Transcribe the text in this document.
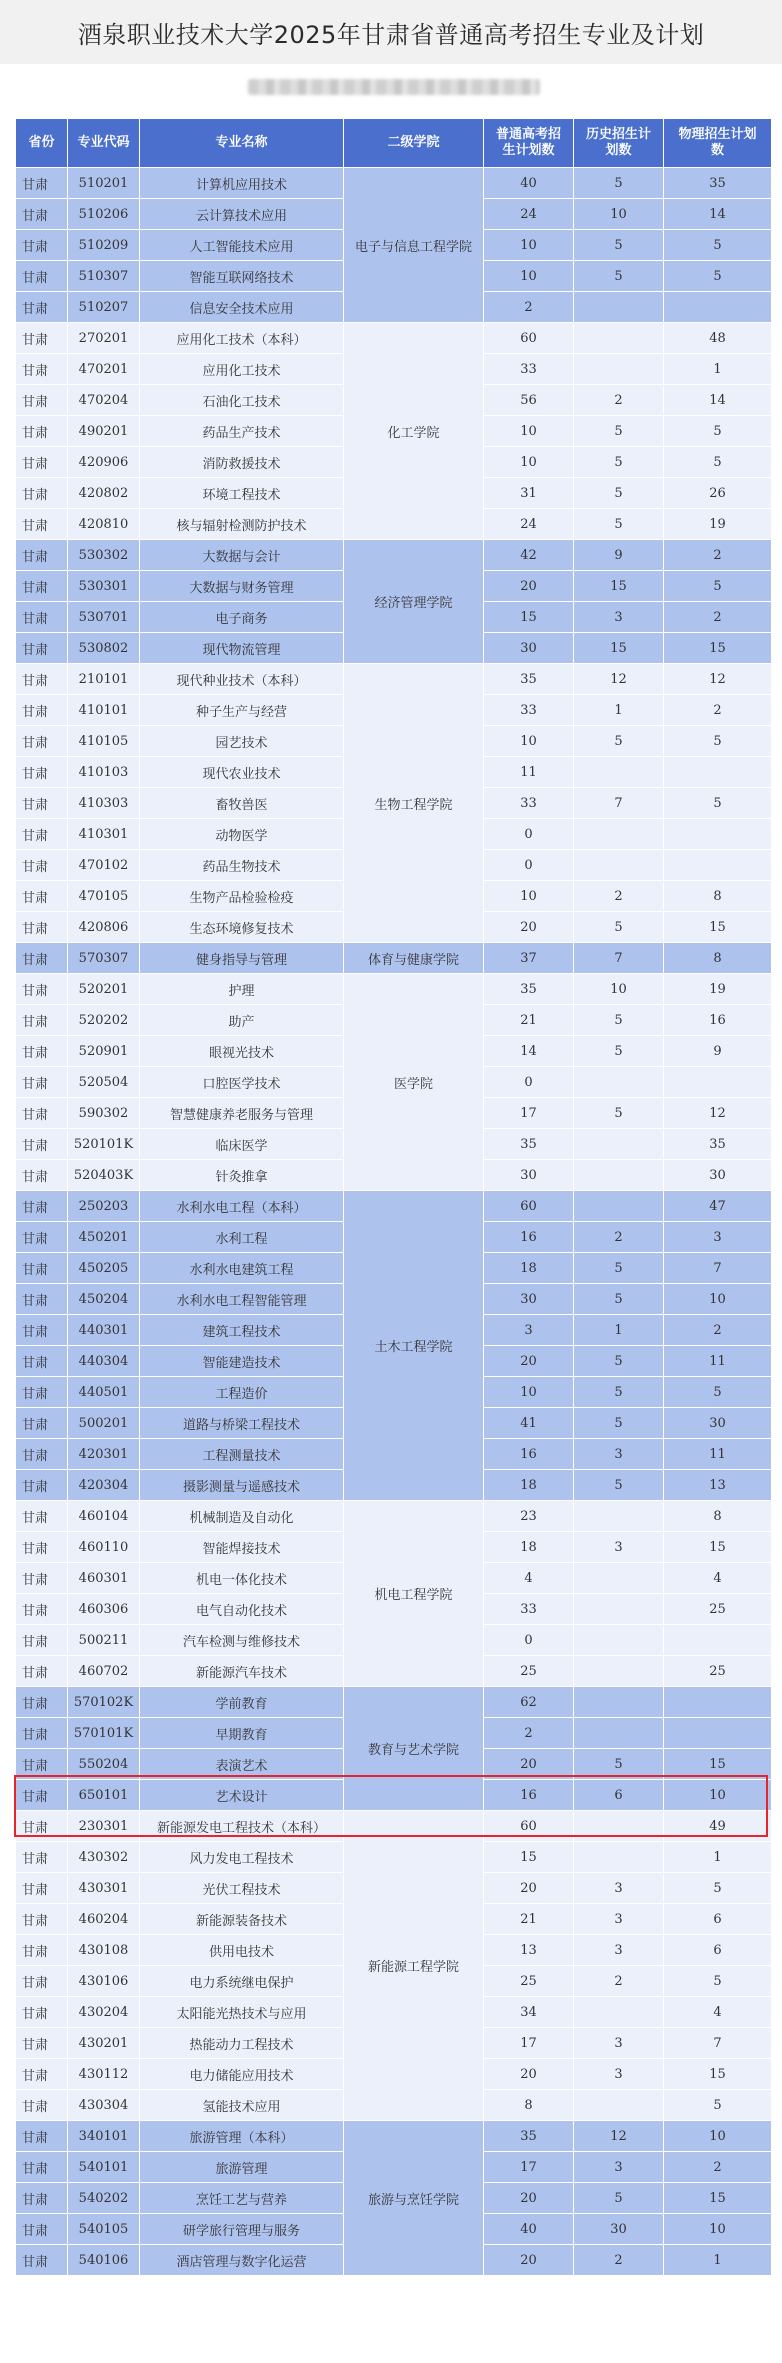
酒泉职业技术大学2025年甘肃省普通高考招生专业及计划
省份	专业代码	专业名称	二级学院	普通高考招生计划数	历史招生计划数	物理招生计划数
甘肃	510201	计算机应用技术	电子与信息工程学院	40	5	35
甘肃	510206	云计算技术应用		24	10	14
甘肃	510209	人工智能技术应用		10	5	5
甘肃	510307	智能互联网络技术		10	5	5
甘肃	510207	信息安全技术应用		2		
甘肃	270201	应用化工技术（本科）	化工学院	60		48
甘肃	470201	应用化工技术		33		1
甘肃	470204	石油化工技术		56	2	14
甘肃	490201	药品生产技术		10	5	5
甘肃	420906	消防救援技术		10	5	5
甘肃	420802	环境工程技术		31	5	26
甘肃	420810	核与辐射检测防护技术		24	5	19
甘肃	530302	大数据与会计	经济管理学院	42	9	2
甘肃	530301	大数据与财务管理		20	15	5
甘肃	530701	电子商务		15	3	2
甘肃	530802	现代物流管理		30	15	15
甘肃	210101	现代种业技术（本科）	生物工程学院	35	12	12
甘肃	410101	种子生产与经营		33	1	2
甘肃	410105	园艺技术		10	5	5
甘肃	410103	现代农业技术		11		
甘肃	410303	畜牧兽医		33	7	5
甘肃	410301	动物医学		0		
甘肃	470102	药品生物技术		0		
甘肃	470105	生物产品检验检疫		10	2	8
甘肃	420806	生态环境修复技术		20	5	15
甘肃	570307	健身指导与管理	体育与健康学院	37	7	8
甘肃	520201	护理	医学院	35	10	19
甘肃	520202	助产		21	5	16
甘肃	520901	眼视光技术		14	5	9
甘肃	520504	口腔医学技术		0		
甘肃	590302	智慧健康养老服务与管理		17	5	12
甘肃	520101K	临床医学		35		35
甘肃	520403K	针灸推拿		30		30
甘肃	250203	水利水电工程（本科）	土木工程学院	60		47
甘肃	450201	水利工程		16	2	3
甘肃	450205	水利水电建筑工程		18	5	7
甘肃	450204	水利水电工程智能管理		30	5	10
甘肃	440301	建筑工程技术		3	1	2
甘肃	440304	智能建造技术		20	5	11
甘肃	440501	工程造价		10	5	5
甘肃	500201	道路与桥梁工程技术		41	5	30
甘肃	420301	工程测量技术		16	3	11
甘肃	420304	摄影测量与遥感技术		18	5	13
甘肃	460104	机械制造及自动化	机电工程学院	23		8
甘肃	460110	智能焊接技术		18	3	15
甘肃	460301	机电一体化技术		4		4
甘肃	460306	电气自动化技术		33		25
甘肃	500211	汽车检测与维修技术		0		
甘肃	460702	新能源汽车技术		25		25
甘肃	570102K	学前教育	教育与艺术学院	62		
甘肃	570101K	早期教育		2		
甘肃	550204	表演艺术		20	5	15
甘肃	650101	艺术设计		16	6	10
甘肃	230301	新能源发电工程技术（本科）	新能源工程学院	60		49
甘肃	430302	风力发电工程技术		15		1
甘肃	430301	光伏工程技术		20	3	5
甘肃	460204	新能源装备技术		21	3	6
甘肃	430108	供用电技术		13	3	6
甘肃	430106	电力系统继电保护		25	2	5
甘肃	430204	太阳能光热技术与应用		34		4
甘肃	430201	热能动力工程技术		17	3	7
甘肃	430112	电力储能应用技术		20	3	15
甘肃	430304	氢能技术应用		8		5
甘肃	340101	旅游管理（本科）	旅游与烹饪学院	35	12	10
甘肃	540101	旅游管理		17	3	2
甘肃	540202	烹饪工艺与营养		20	5	15
甘肃	540105	研学旅行管理与服务		40	30	10
甘肃	540106	酒店管理与数字化运营		20	2	1
